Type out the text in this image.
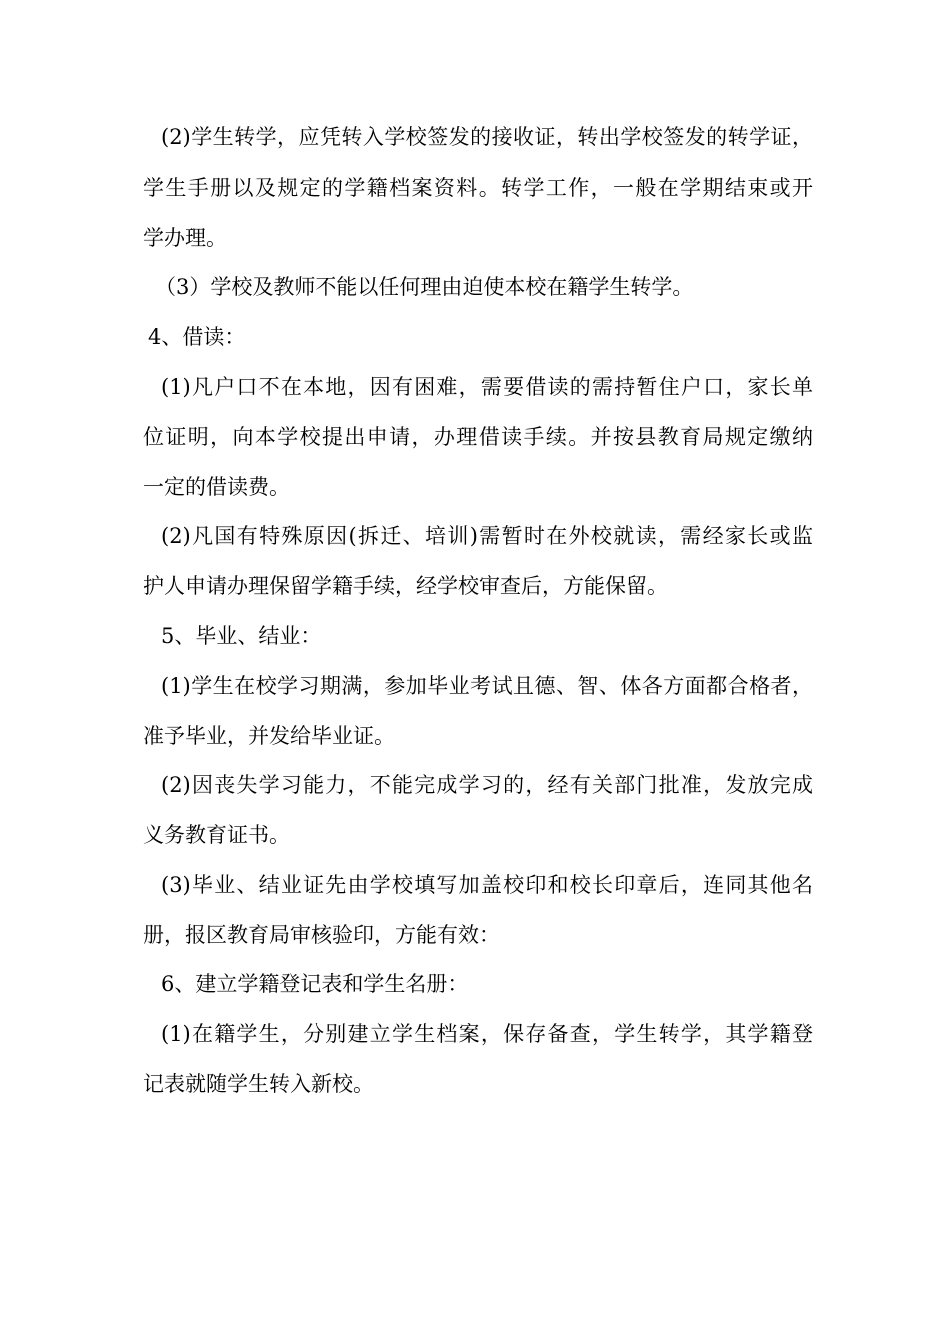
(2)学生转学，应凭转入学校签发的接收证，转出学校签发的转学证，
学生手册以及规定的学籍档案资料。转学工作，一般在学期结束或开
学办理。
（3）学校及教师不能以任何理由迫使本校在籍学生转学。
4、借读：
(1)凡户口不在本地，因有困难，需要借读的需持暂住户口，家长单
位证明，向本学校提出申请，办理借读手续。并按县教育局规定缴纳
一定的借读费。
(2)凡国有特殊原因(拆迁、培训)需暂时在外校就读，需经家长或监
护人申请办理保留学籍手续，经学校审查后，方能保留。
5、毕业、结业：
(1)学生在校学习期满，参加毕业考试且德、智、体各方面都合格者，
准予毕业，并发给毕业证。
(2)因丧失学习能力，不能完成学习的，经有关部门批准，发放完成
义务教育证书。
(3)毕业、结业证先由学校填写加盖校印和校长印章后，连同其他名
册，报区教育局审核验印，方能有效：
6、建立学籍登记表和学生名册：
(1)在籍学生，分别建立学生档案，保存备查，学生转学，其学籍登
记表就随学生转入新校。
